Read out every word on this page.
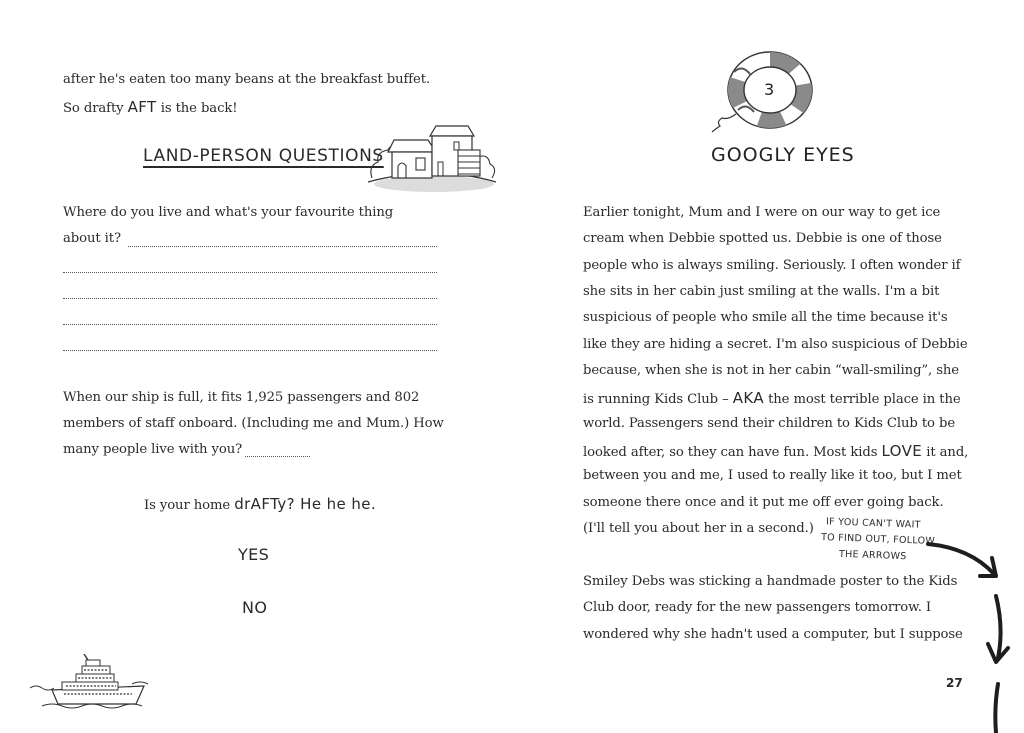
after he's eaten too many beans at the breakfast buffet.
So drafty AFT is the back!
LAND-PERSON QUESTIONS
Where do you live and what's your favourite thing
about it?
When our ship is full, it fits 1,925 passengers and 802
members of staff onboard. (Including me and Mum.) How
many people live with you?
Is your home drAFTy? He he he.
YES
NO
3
GOOGLY EYES
Earlier tonight, Mum and I were on our way to get ice
cream when Debbie spotted us. Debbie is one of those
people who is always smiling. Seriously. I often wonder if
she sits in her cabin just smiling at the walls. I'm a bit
suspicious of people who smile all the time because it's
like they are hiding a secret. I'm also suspicious of Debbie
because, when she is not in her cabin “wall-smiling”, she
is running Kids Club – AKA the most terrible place in the
world. Passengers send their children to Kids Club to be
looked after, so they can have fun. Most kids LOVE it and,
between you and me, I used to really like it too, but I met
someone there once and it put me off ever going back.
(I'll tell you about her in a second.) IF YOU CAN'T WAIT
TO FIND OUT, FOLLOW
THE ARROWS
Smiley Debs was sticking a handmade poster to the Kids
Club door, ready for the new passengers tomorrow. I
wondered why she hadn't used a computer, but I suppose
27
